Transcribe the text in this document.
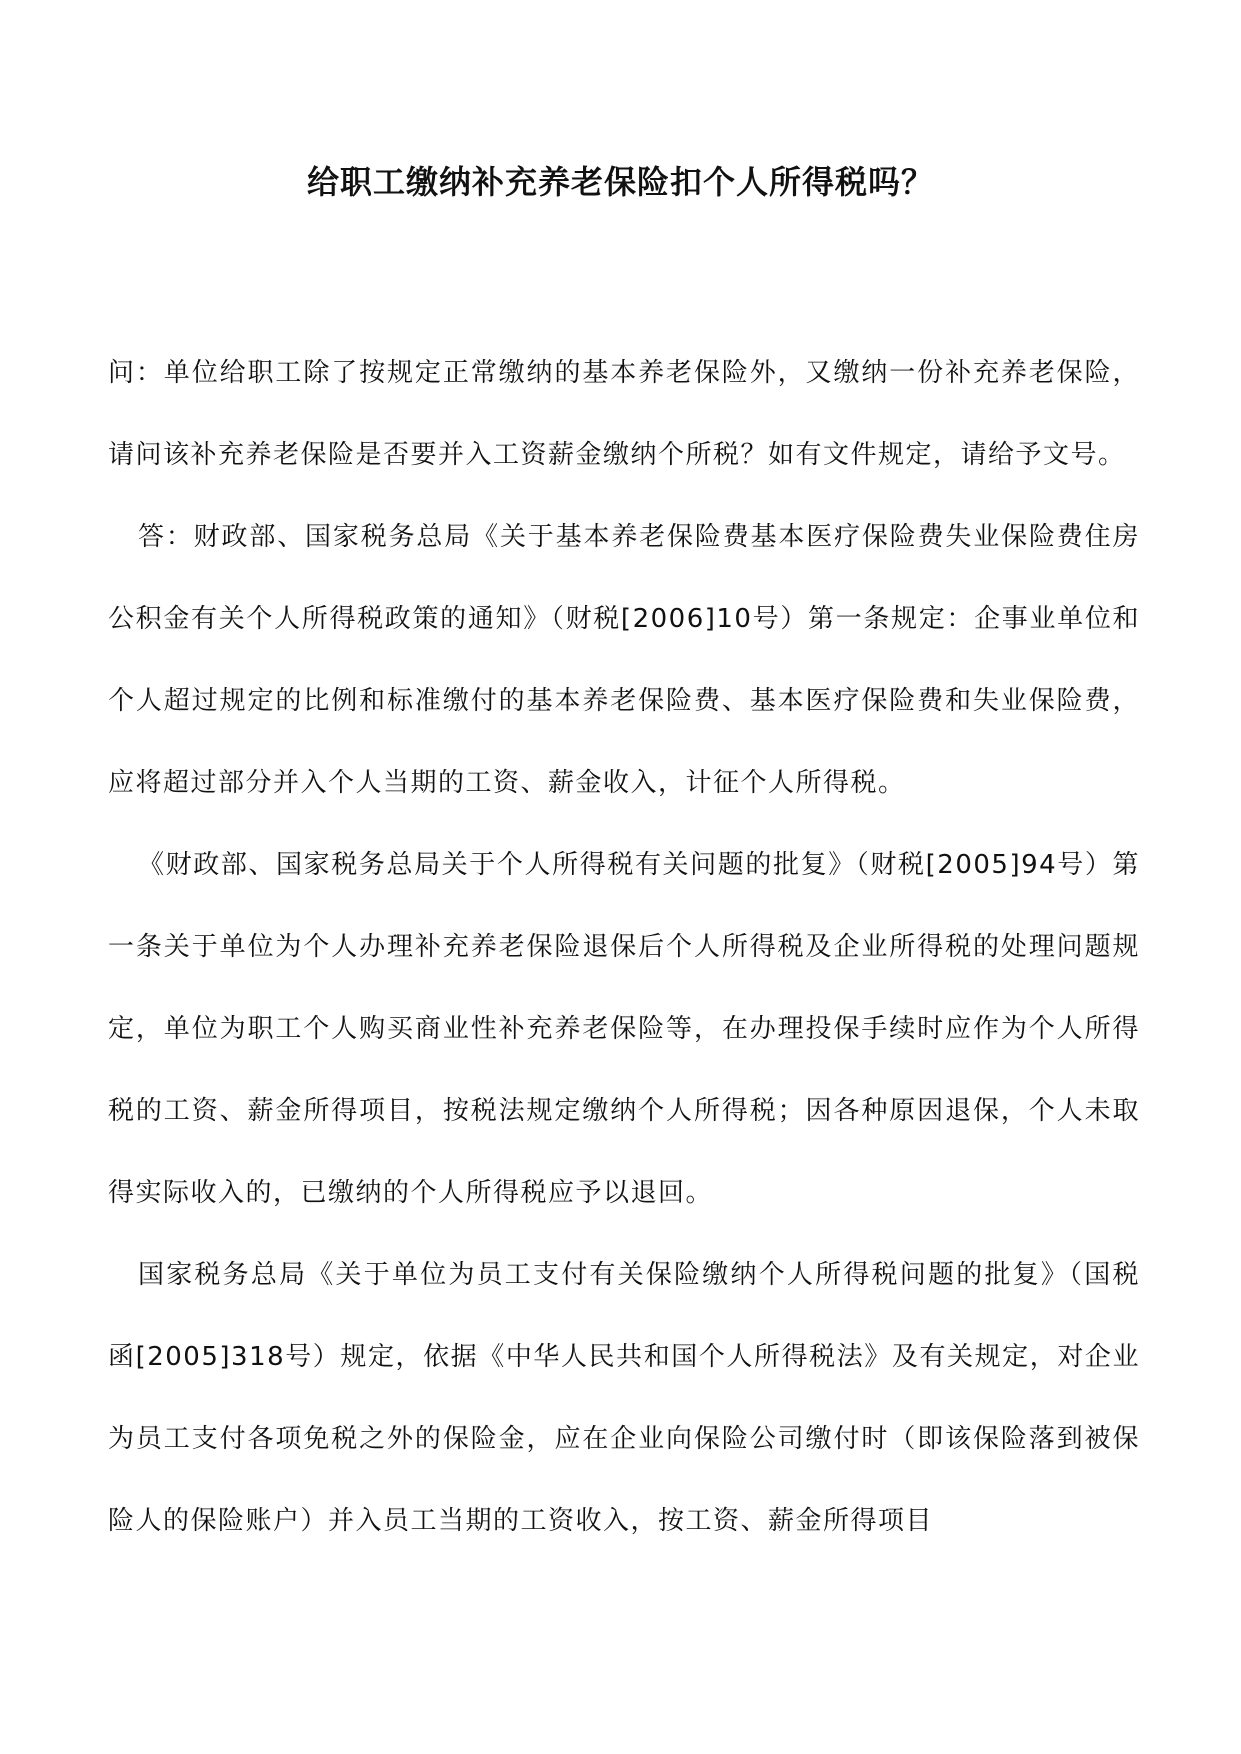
给职工缴纳补充养老保险扣个人所得税吗？

问：单位给职工除了按规定正常缴纳的基本养老保险外，又缴纳一份补充养老保险，请问该补充养老保险是否要并入工资薪金缴纳个所税？如有文件规定，请给予文号。

答：财政部、国家税务总局《关于基本养老保险费基本医疗保险费失业保险费住房公积金有关个人所得税政策的通知》（财税[2006]10号）第一条规定：企事业单位和个人超过规定的比例和标准缴付的基本养老保险费、基本医疗保险费和失业保险费，应将超过部分并入个人当期的工资、薪金收入，计征个人所得税。

《财政部、国家税务总局关于个人所得税有关问题的批复》（财税[2005]94号）第一条关于单位为个人办理补充养老保险退保后个人所得税及企业所得税的处理问题规定，单位为职工个人购买商业性补充养老保险等，在办理投保手续时应作为个人所得税的工资、薪金所得项目，按税法规定缴纳个人所得税；因各种原因退保，个人未取得实际收入的，已缴纳的个人所得税应予以退回。

国家税务总局《关于单位为员工支付有关保险缴纳个人所得税问题的批复》（国税函[2005]318号）规定，依据《中华人民共和国个人所得税法》及有关规定，对企业为员工支付各项免税之外的保险金，应在企业向保险公司缴付时（即该保险落到被保险人的保险账户）并入员工当期的工资收入，按工资、薪金所得项目
